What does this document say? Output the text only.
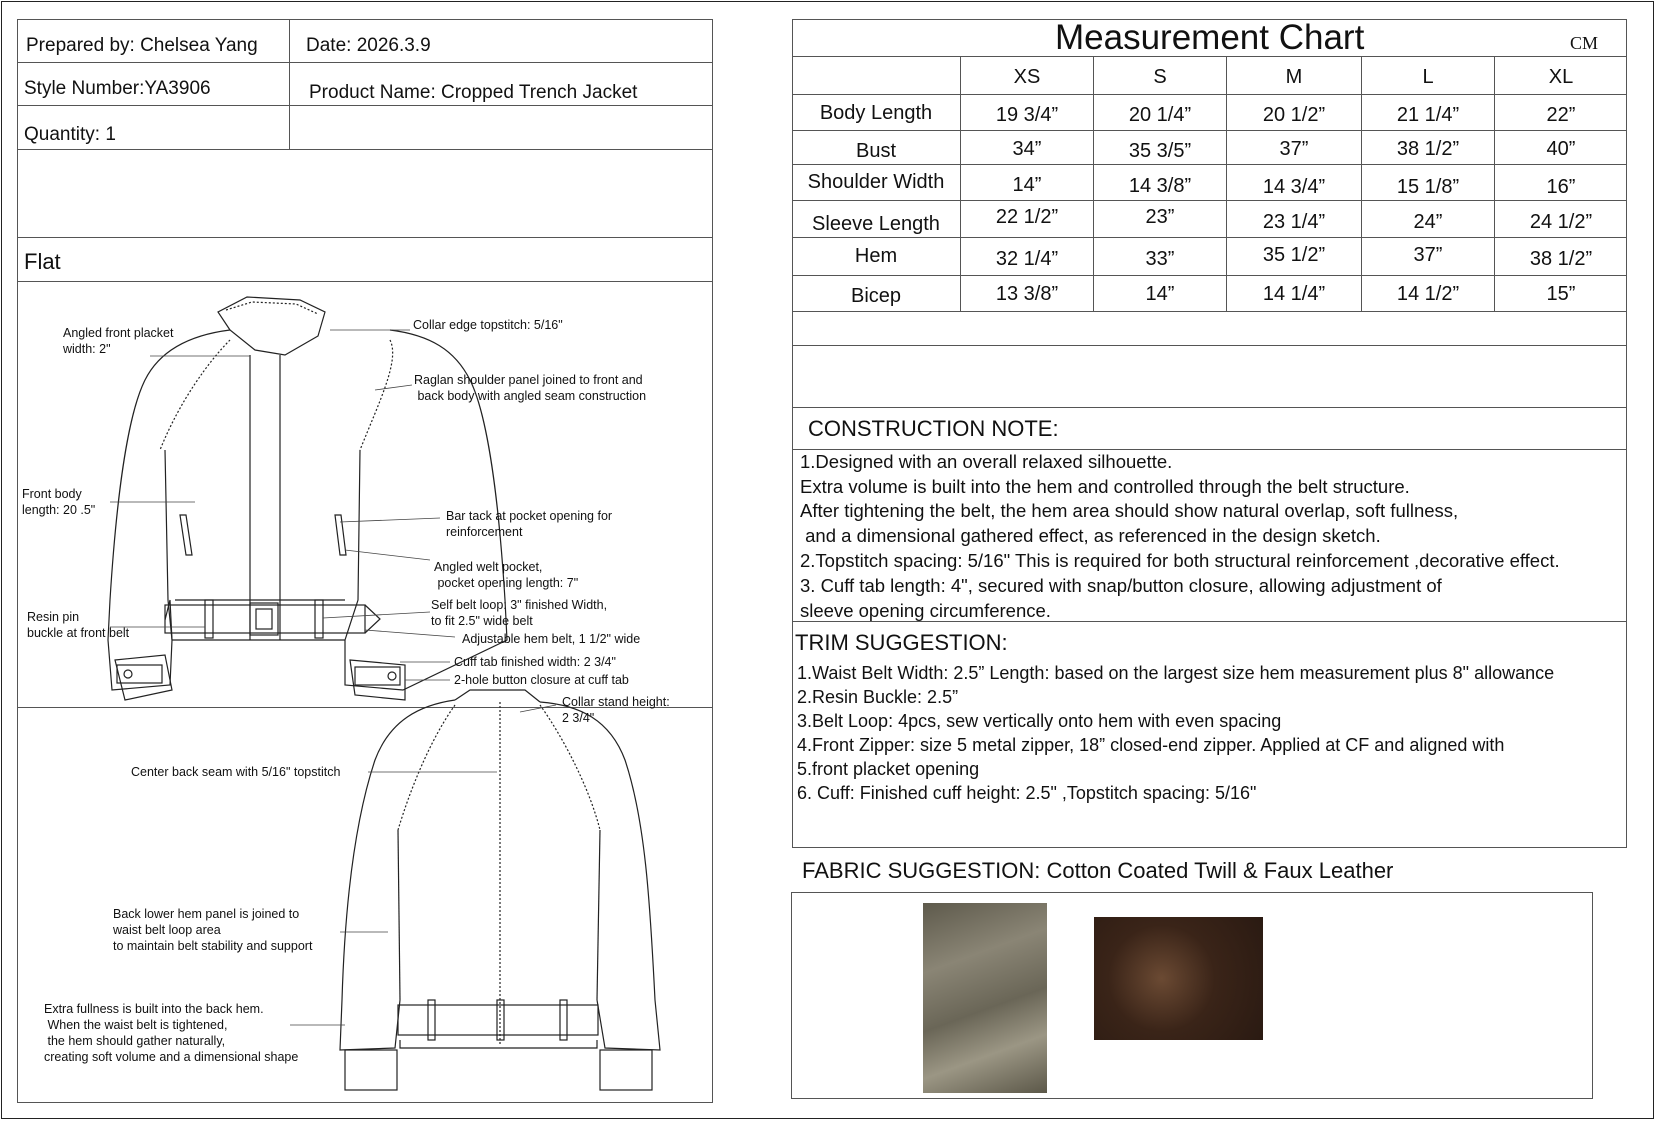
Prepared by: Chelsea Yang	Date: 2026.3.9
Style Number:YA3906	Product Name: Cropped Trench Jacket
Quantity: 1
Flat
Angled front placket
width: 2"
Collar edge topstitch: 5/16"
Raglan shoulder panel joined to front and
back body with angled seam construction
Front body
length: 20 .5"	Bar tack at pocket opening for
reinforcement
Angled welt pocket,
pocket opening length: 7"
Resin pin
buckle at front belt
Self belt loop: 3" finished Width,
to fit 2.5" wide belt
Adjustable hem belt, 1 1/2" wide
Cuff tab finished width: 2 3/4"
2-hole button closure at cuff tab
Collar stand height:
2 3/4"
Center back seam with 5/16" topstitch
Back lower hem panel is joined to
waist belt loop area
to maintain belt stability and support
Extra fullness is built into the back hem.
When the waist belt is tightened,
the hem should gather naturally,
creating soft volume and a dimensional shape
Measurement Chart	CM
XS	S	M	L	XL
Body Length	19 3/4”	20 1/4”	20 1/2”	21 1/4”	22”
Bust	34”	35 3/5”	37”	38 1/2”	40”
Shoulder Width	14”	14 3/8”	14 3/4”	15 1/8”	16”
Sleeve Length	22 1/2”	23”	23 1/4”	24”	24 1/2”
Hem	32 1/4”	33”	35 1/2”	37”	38 1/2”
Bicep	13 3/8”	14”	14 1/4”	14 1/2”	15”
CONSTRUCTION NOTE:
1.Designed with an overall relaxed silhouette.
Extra volume is built into the hem and controlled through the belt structure.
After tightening the belt, the hem area should show natural overlap, soft fullness,
and a dimensional gathered effect, as referenced in the design sketch.
2.Topstitch spacing: 5/16" This is required for both structural reinforcement ,decorative effect.
3. Cuff tab length: 4", secured with snap/button closure, allowing adjustment of
sleeve opening circumference.
TRIM SUGGESTION:
1.Waist Belt Width: 2.5” Length: based on the largest size hem measurement plus 8" allowance
2.Resin Buckle: 2.5”
3.Belt Loop: 4pcs, sew vertically onto hem with even spacing
4.Front Zipper: size 5 metal zipper, 18” closed-end zipper. Applied at CF and aligned with
5.front placket opening
6. Cuff: Finished cuff height: 2.5" ,Topstitch spacing: 5/16"
FABRIC SUGGESTION: Cotton Coated Twill & Faux Leather
